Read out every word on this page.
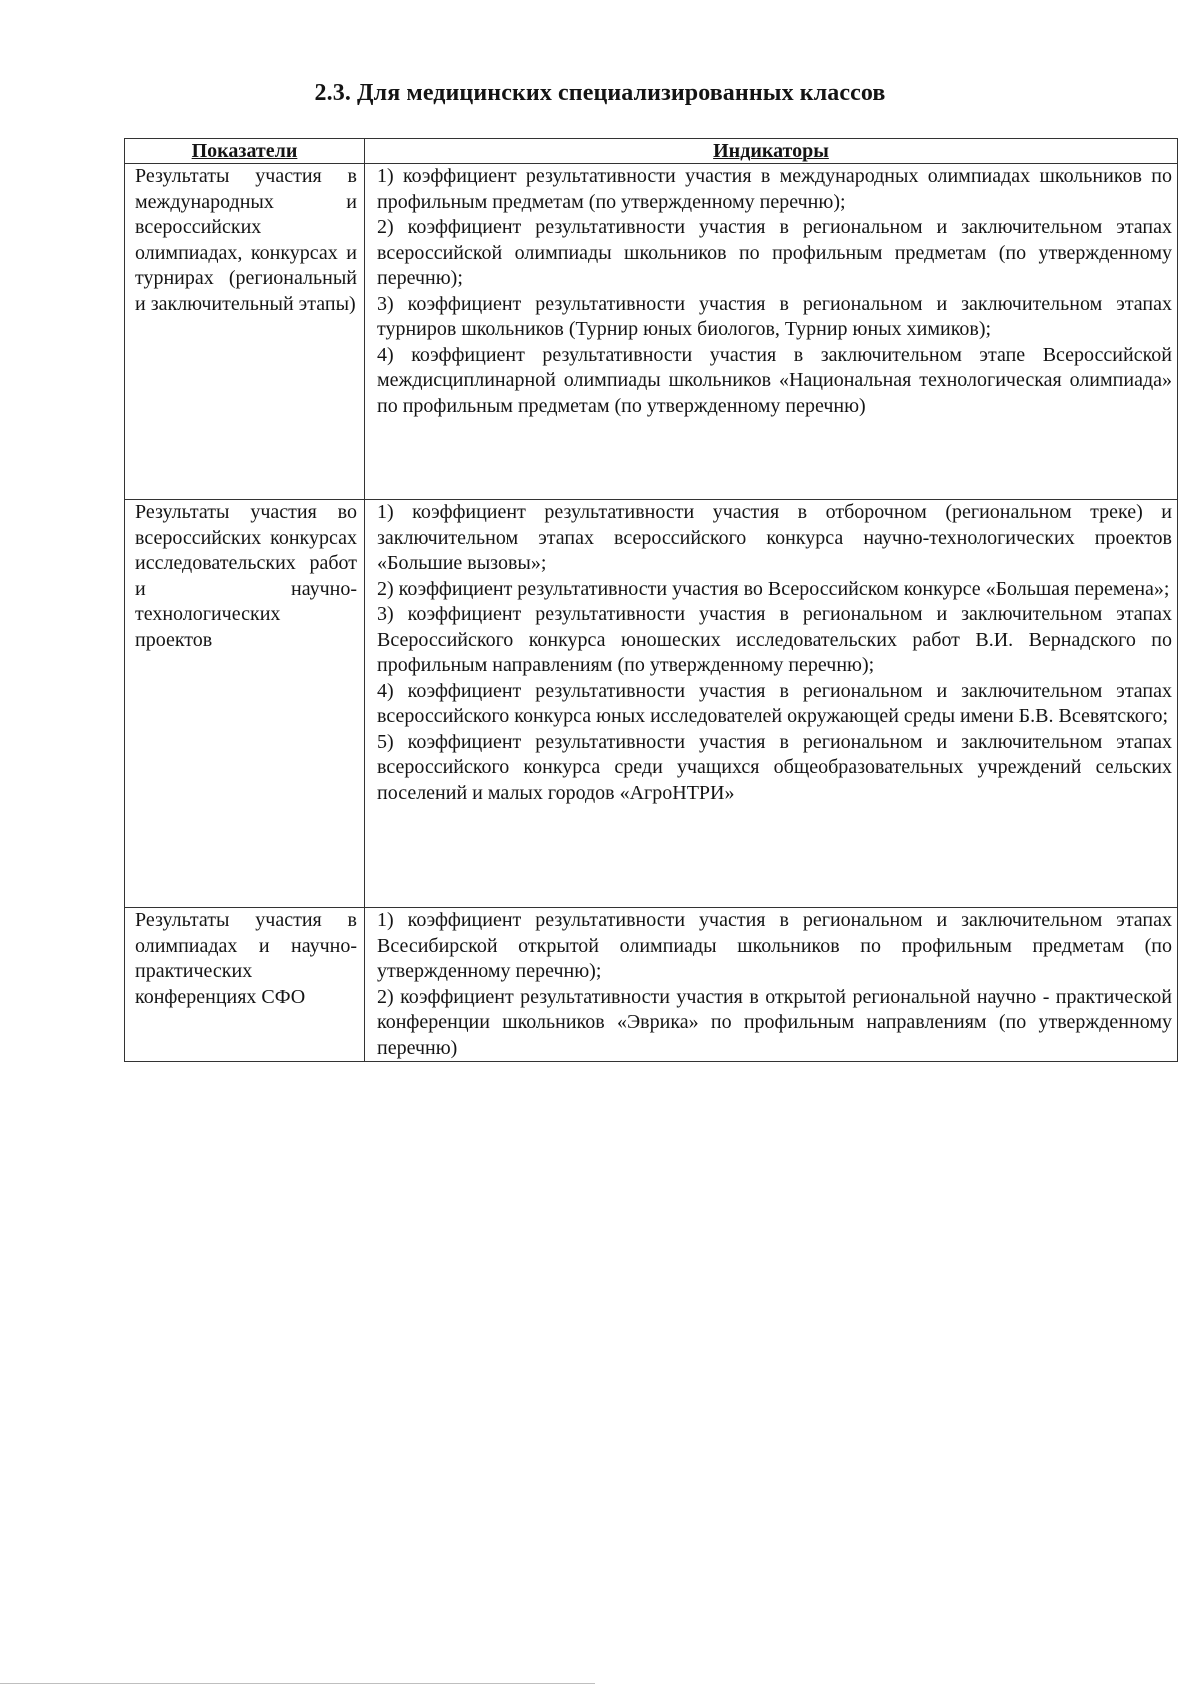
2.3. Для медицинских специализированных классов
Показатели	Индикаторы
Результаты участия в международных и всероссийских олимпиадах, конкурсах и турнирах (региональный и заключительный этапы)	1) коэффициент результативности участия в международных олимпиадах школьников по профильным предметам (по утвержденному перечню);
2) коэффициент результативности участия в региональном и заключительном этапах всероссийской олимпиады школьников по профильным предметам (по утвержденному перечню);
3) коэффициент результативности участия в региональном и заключительном этапах турниров школьников (Турнир юных биологов, Турнир юных химиков);
4) коэффициент результативности участия в заключительном этапе Всероссийской междисциплинарной олимпиады школьников «Национальная технологическая олимпиада» по профильным предметам (по утвержденному перечню)

Результаты участия во всероссийских конкурсах исследовательских работ и научно-технологических проектов	1) коэффициент результативности участия в отборочном (региональном треке) и заключительном этапах всероссийского конкурса научно-технологических проектов «Большие вызовы»;
2) коэффициент результативности участия во Всероссийском конкурсе «Большая перемена»;
3) коэффициент результативности участия в региональном и заключительном этапах Всероссийского конкурса юношеских исследовательских работ В.И. Вернадского по профильным направлениям (по утвержденному перечню);
4) коэффициент результативности участия в региональном и заключительном этапах всероссийского конкурса юных исследователей окружающей среды имени Б.В. Всевятского;
5) коэффициент результативности участия в региональном и заключительном этапах всероссийского конкурса среди учащихся общеобразовательных учреждений сельских поселений и малых городов «АгроНТРИ»

Результаты участия в олимпиадах и научно-практических конференциях СФО	1) коэффициент результативности участия в региональном и заключительном этапах Всесибирской открытой олимпиады школьников по профильным предметам (по утвержденному перечню);
2) коэффициент результативности участия в открытой региональной научно - практической конференции школьников «Эврика» по профильным направлениям (по утвержденному перечню)
